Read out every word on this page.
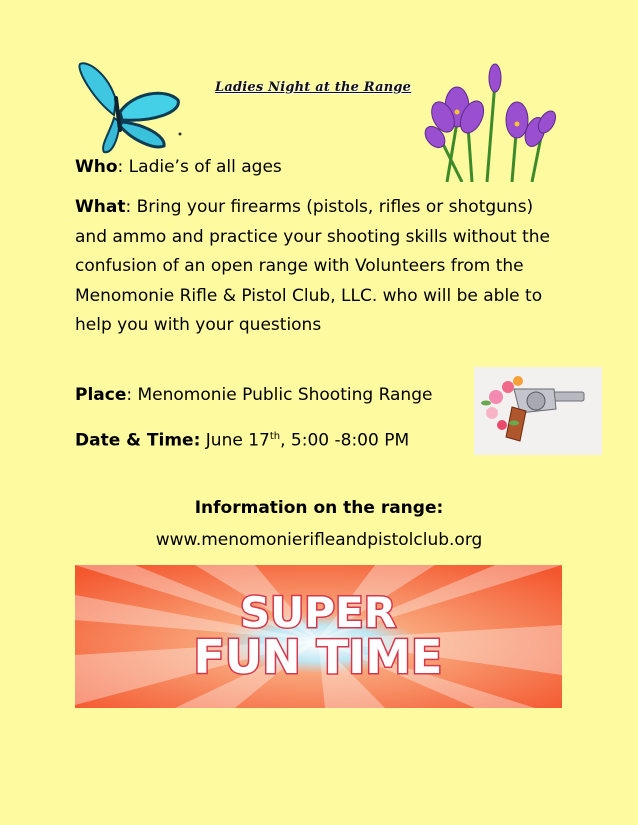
Ladies Night at the Range
Who: Ladie’s of all ages
What: Bring your firearms (pistols, rifles or shotguns) and ammo and practice your shooting skills without the confusion of an open range with Volunteers from the Menomonie Rifle & Pistol Club, LLC. who will be able to help you with your questions
Place: Menomonie Public Shooting Range
Date & Time: June 17th, 5:00 -8:00 PM
Information on the range:
www.menomonierifleandpistolclub.org
SUPER
FUN TIME
